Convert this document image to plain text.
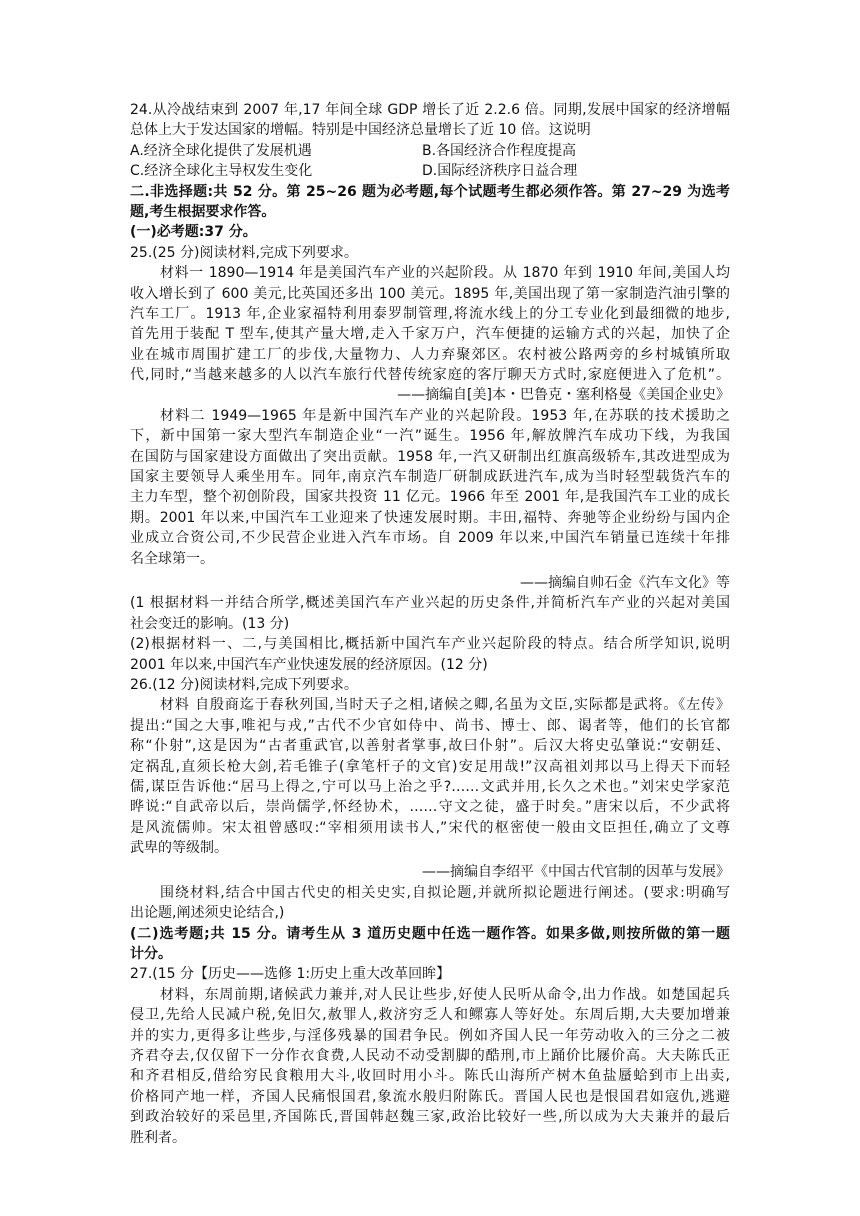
24.从冷战结束到 2007 年,17 年间全球 GDP 增长了近 2.2.6 倍。同期,发展中国家的经济增幅
总体上大于发达国家的增幅。特别是中国经济总量增长了近 10 倍。这说明
A.经济全球化提供了发展机遇	B.各国经济合作程度提高
C.经济全球化主导权发生变化	D.国际经济秩序日益合理
二.非选择题:共 52 分。第 25~26 题为必考题,每个试题考生都必须作答。第 27~29 为选考
题,考生根据要求作答。
(一)必考题:37 分。
25.(25 分)阅读材料,完成下列要求。
材料一 1890—1914 年是美国汽车产业的兴起阶段。从 1870 年到 1910 年间,美国人均
收入增长到了 600 美元,比英国还多出 100 美元。1895 年,美国出现了第一家制造汽油引擎的
汽车工厂。1913 年,企业家福特利用泰罗制管理,将流水线上的分工专业化到最细微的地步,
首先用于装配 T 型车,使其产量大增,走入千家万户，汽车便捷的运输方式的兴起，加快了企
业在城市周围扩建工厂的步伐,大量物力、人力弃聚郊区。农村被公路两旁的乡村城镇所取
代,同时,“当越来越多的人以汽车旅行代替传统家庭的客厅聊天方式时,家庭便进入了危机”。
——摘编自[美]本・巴鲁克・塞利格曼《美国企业史》
材料二 1949—1965 年是新中国汽车产业的兴起阶段。1953 年,在苏联的技术援助之
下，新中国第一家大型汽车制造企业“一汽”诞生。1956 年,解放牌汽车成功下线，为我国
在国防与国家建设方面做出了突出贡献。1958 年,一汽又研制出红旗高级轿车,其改进型成为
国家主要领导人乘坐用车。同年,南京汽车制造厂研制成跃进汽车,成为当时轻型载货汽车的
主力车型，整个初创阶段，国家共投资 11 亿元。1966 年至 2001 年,是我国汽车工业的成长
期。2001 年以来,中国汽车工业迎来了快速发展时期。丰田,福特、奔驰等企业纷纷与国内企
业成立合资公司,不少民营企业进入汽车市场。自 2009 年以来,中国汽车销量已连续十年排
名全球第一。
——摘编自帅石金《汽车文化》等
(1 根据材料一并结合所学,概述美国汽车产业兴起的历史条件,并简析汽车产业的兴起对美国
社会变迁的影响。(13 分)
(2)根据材料一、二,与美国相比,概括新中国汽车产业兴起阶段的特点。结合所学知识,说明
2001 年以来,中国汽车产业快速发展的经济原因。(12 分)
26.(12 分)阅读材料,完成下列要求。
材料 自殷商迄于春秋列国,当时天子之相,诸候之卿,名虽为文臣,实际都是武将。《左传》
提出:“国之大事,唯祀与戎,”古代不少官如侍中、尚书、博士、郎、谒者等，他们的长官都
称“仆射”,这是因为“古者重武官,以善射者掌事,故曰仆射”。后汉大将史弘肇说:“安朝廷、
定祸乱,直须长枪大剑,若毛锥子(拿笔杆子的文官)安足用哉!”汉高祖刘邦以马上得天下而轻
儒,谋臣告诉他:“居马上得之,宁可以马上治之乎?……文武并用,长久之术也。”刘宋史学家范
晔说:“自武帝以后，崇尚儒学,怀经协术，……守文之徒，盛于时矣。”唐宋以后，不少武将
是风流儒帅。宋太祖曾感叹:“宰相须用读书人,”宋代的枢密使一般由文臣担任,确立了文尊
武卑的等级制。
——摘编自李绍平《中国古代官制的因革与发展》
围绕材料,结合中国古代史的相关史实,自拟论题,并就所拟论题进行阐述。(要求:明确写
出论题,阐述须史论结合,)
(二)选考题;共 15 分。请考生从 3 道历史题中任选一题作答。如果多做,则按所做的第一题
计分。
27.(15 分【历史——选修 1:历史上重大改革回眸】
材料，东周前期,诸候武力兼并,对人民让些步,好使人民听从命令,出力作战。如楚国起兵
侵卫,先给人民减户税,免旧欠,赦罪人,救济穷乏人和鳏寡人等好处。东周后期,大夫要加增兼
并的实力,更得多让些步,与淫侈残暴的国君争民。例如齐国人民一年劳动收入的三分之二被
齐君夺去,仅仅留下一分作衣食费,人民动不动受割脚的酷刑,市上踊价比屦价高。大夫陈氏正
和齐君相反,借给穷民食粮用大斗,收回时用小斗。陈氏山海所产树木鱼盐蜃蛤到市上出卖,
价格同产地一样，齐国人民痛恨国君,象流水般归附陈氏。晋国人民也是恨国君如寇仇,逃避
到政治较好的采邑里,齐国陈氏,晋国韩赵魏三家,政治比较好一些,所以成为大夫兼并的最后
胜利者。
